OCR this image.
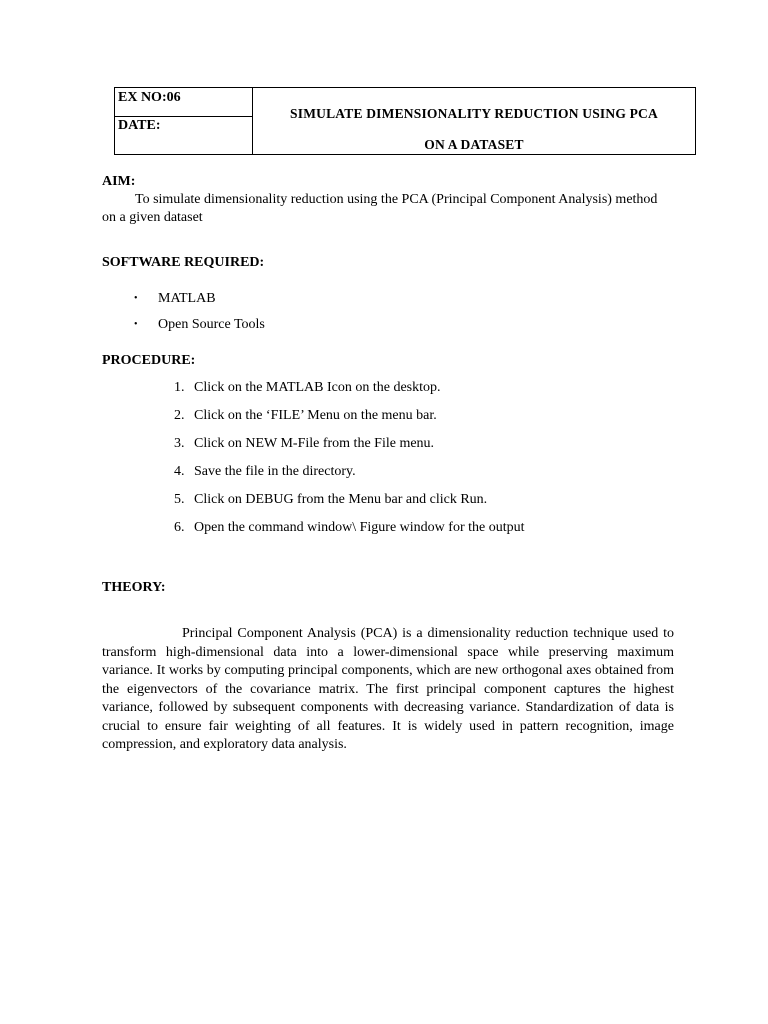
EX NO:06
DATE:
SIMULATE DIMENSIONALITY REDUCTION USING PCA
ON A DATASET
AIM:
To simulate dimensionality reduction using the PCA (Principal Component Analysis) method on a given dataset
SOFTWARE REQUIRED:
• MATLAB
• Open Source Tools
PROCEDURE:
1. Click on the MATLAB Icon on the desktop.
2. Click on the ‘FILE’ Menu on the menu bar.
3. Click on NEW M-File from the File menu.
4. Save the file in the directory.
5. Click on DEBUG from the Menu bar and click Run.
6. Open the command window\ Figure window for the output
THEORY:
Principal Component Analysis (PCA) is a dimensionality reduction technique used to transform high-dimensional data into a lower-dimensional space while preserving maximum variance. It works by computing principal components, which are new orthogonal axes obtained from the eigenvectors of the covariance matrix. The first principal component captures the highest variance, followed by subsequent components with decreasing variance. Standardization of data is crucial to ensure fair weighting of all features. It is widely used in pattern recognition, image compression, and exploratory data analysis.
